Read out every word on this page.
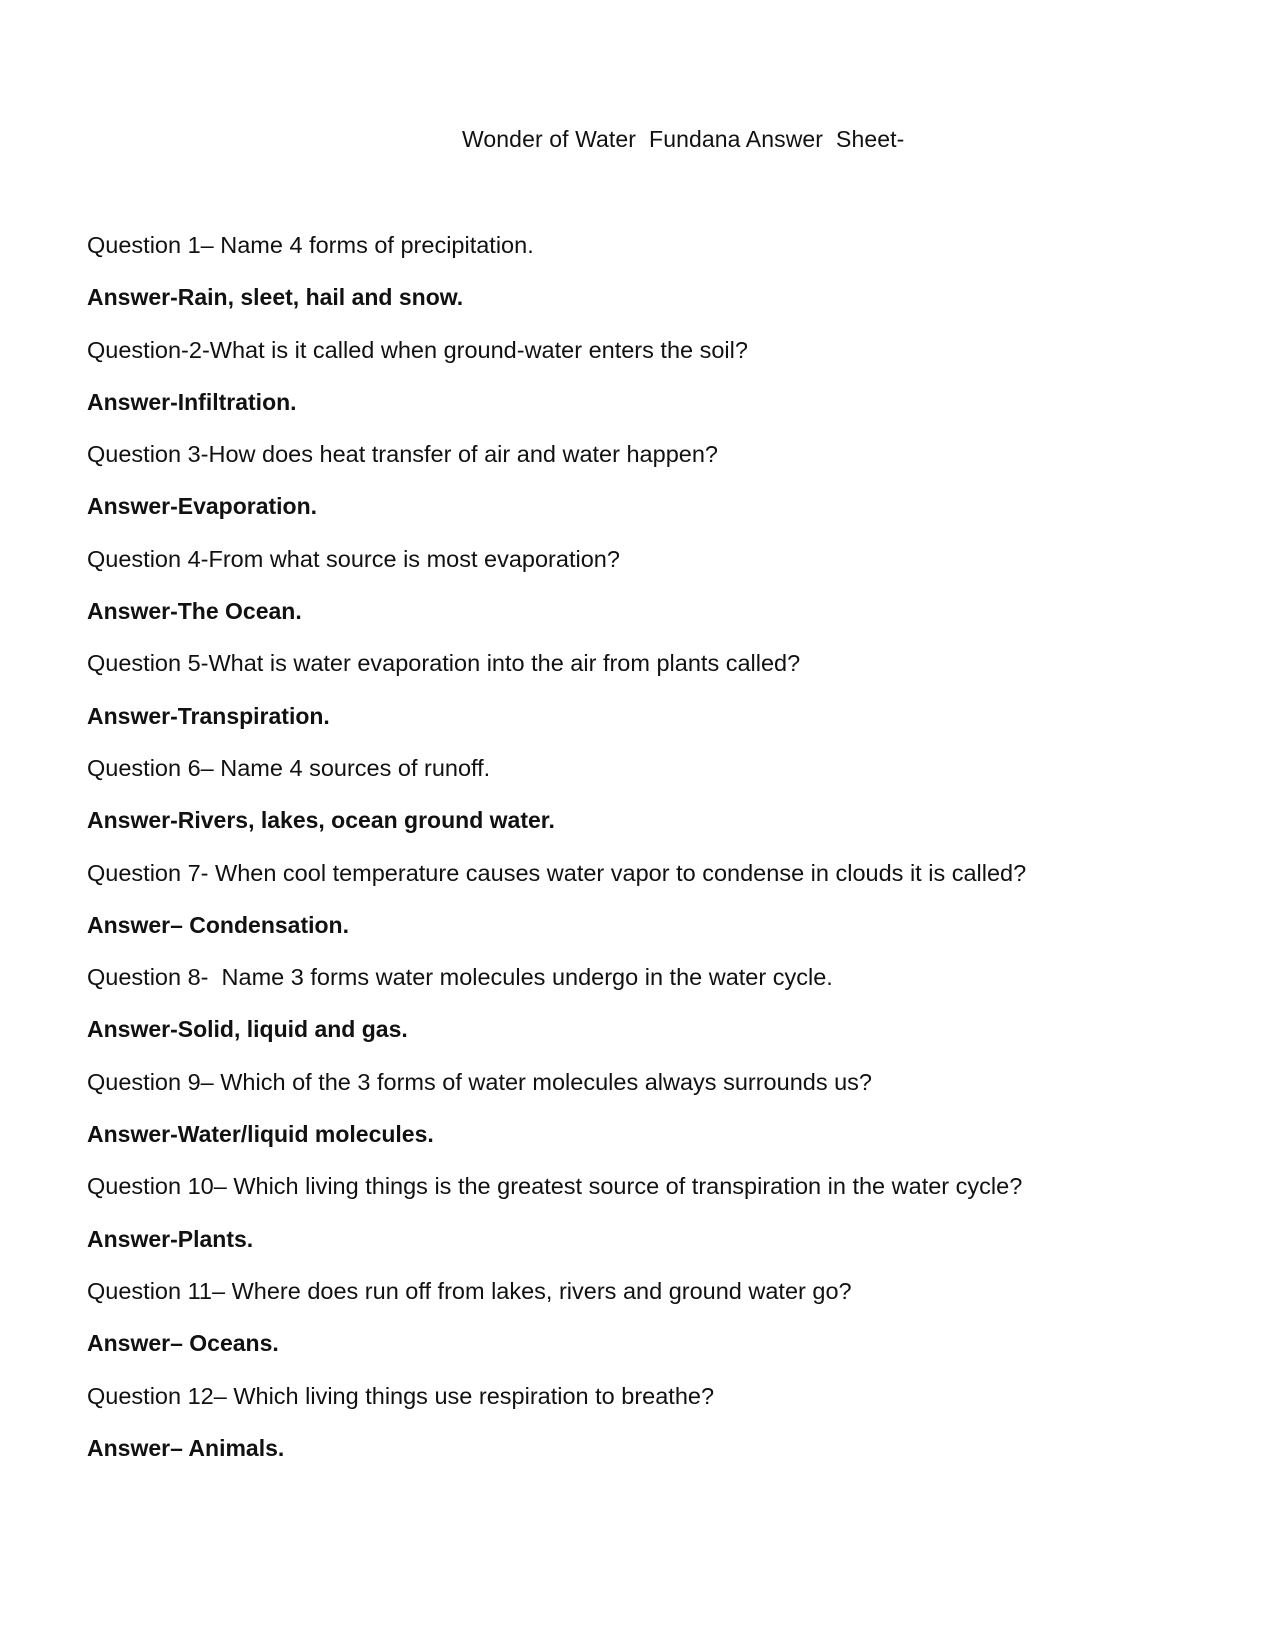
Wonder of Water  Fundana Answer  Sheet-
Question 1– Name 4 forms of precipitation.
Answer-Rain, sleet, hail and snow.
Question-2-What is it called when ground-water enters the soil?
Answer-Infiltration.
Question 3-How does heat transfer of air and water happen?
Answer-Evaporation.
Question 4-From what source is most evaporation?
Answer-The Ocean.
Question 5-What is water evaporation into the air from plants called?
Answer-Transpiration.
Question 6– Name 4 sources of runoff.
Answer-Rivers, lakes, ocean ground water.
Question 7- When cool temperature causes water vapor to condense in clouds it is called?
Answer– Condensation.
Question 8-  Name 3 forms water molecules undergo in the water cycle.
Answer-Solid, liquid and gas.
Question 9– Which of the 3 forms of water molecules always surrounds us?
Answer-Water/liquid molecules.
Question 10– Which living things is the greatest source of transpiration in the water cycle?
Answer-Plants.
Question 11– Where does run off from lakes, rivers and ground water go?
Answer– Oceans.
Question 12– Which living things use respiration to breathe?
Answer– Animals.
